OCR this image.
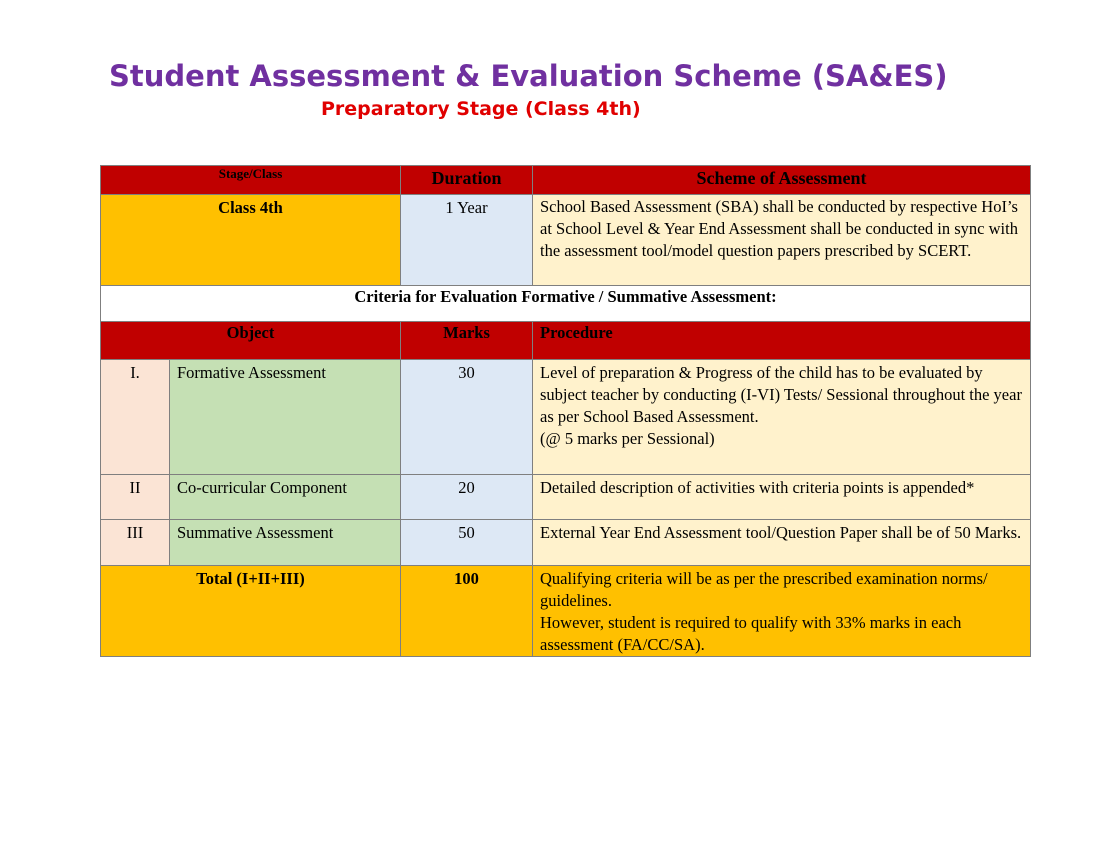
Student Assessment & Evaluation Scheme (SA&ES)
Preparatory Stage (Class 4th)
Stage/Class		Duration	Scheme of Assessment
Class 4th		1 Year	School Based Assessment (SBA) shall be conducted by respective HoI’s at School Level & Year End Assessment shall be conducted in sync with the assessment tool/model question papers prescribed by SCERT.
Criteria for Evaluation Formative / Summative Assessment:			
Object		Marks	Procedure
I.	Formative Assessment	30	Level of preparation & Progress of the child has to be evaluated by subject teacher by conducting (I-VI) Tests/ Sessional throughout the year as per School Based Assessment.
(@ 5 marks per Sessional)

II	Co-curricular Component	20	Detailed description of activities with criteria points is appended*
III	Summative Assessment	50	External Year End Assessment tool/Question Paper shall be of 50 Marks.
Total (I+II+III)		100	Qualifying criteria will be as per the prescribed examination norms/ guidelines.
However, student is required to qualify with 33% marks in each assessment (FA/CC/SA).
